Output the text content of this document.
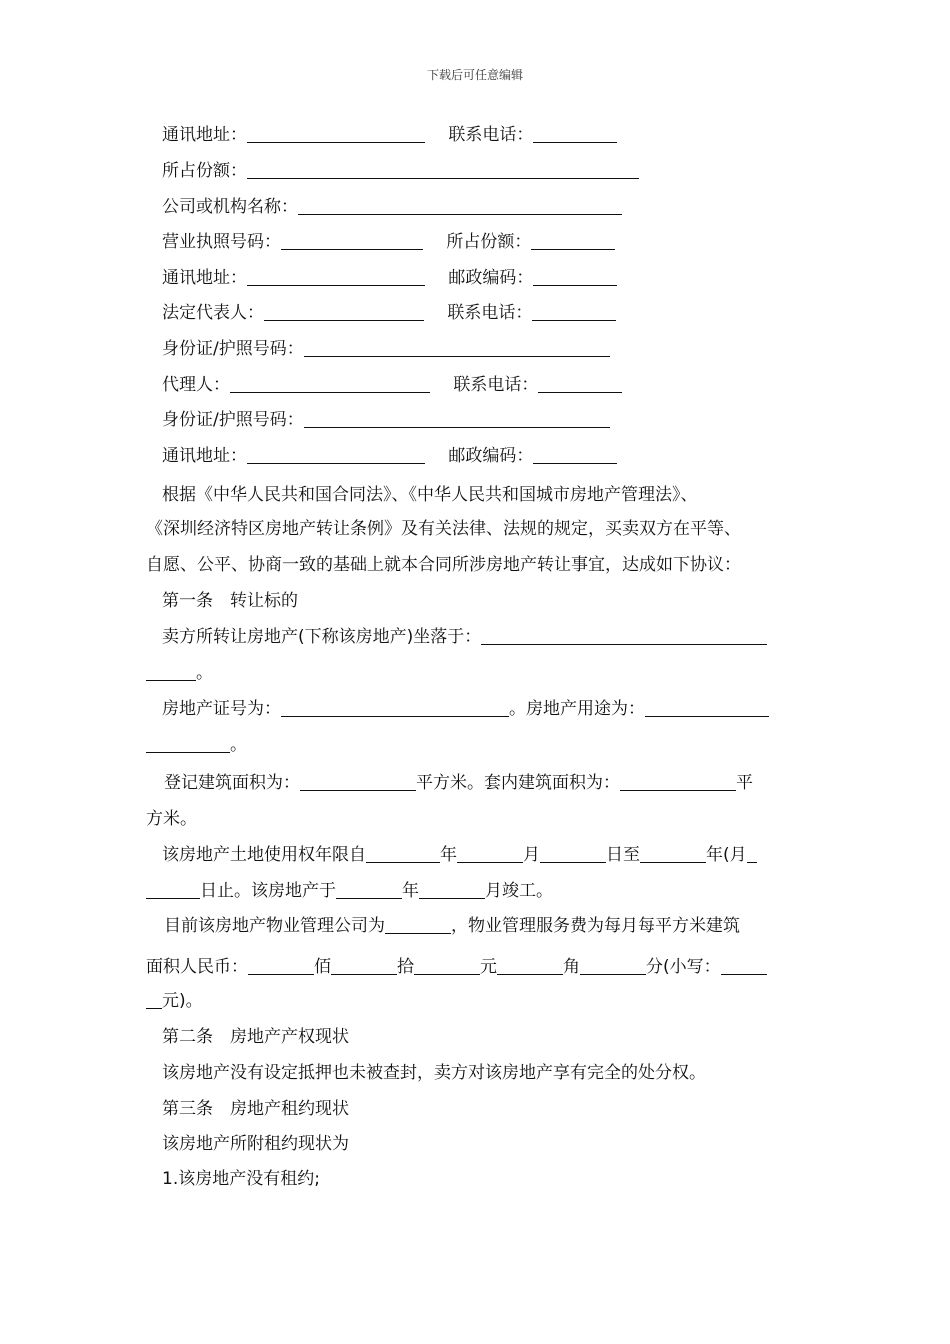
下载后可任意编辑
通讯地址：	联系电话：
所占份额：
公司或机构名称：
营业执照号码：	所占份额：
通讯地址：	邮政编码：
法定代表人：	联系电话：
身份证/护照号码：
代理人：	联系电话：
身份证/护照号码：
通讯地址：	邮政编码：
根据《中华人民共和国合同法》、《中华人民共和国城市房地产管理法》、
《深圳经济特区房地产转让条例》及有关法律、法规的规定，买卖双方在平等、
自愿、公平、协商一致的基础上就本合同所涉房地产转让事宜，达成如下协议：
第一条　转让标的
卖方所转让房地产(下称该房地产)坐落于：
。
房地产证号为：	。房地产用途为：
。
登记建筑面积为：	平方米。套内建筑面积为：	平
方米。
该房地产土地使用权年限自	年	月	日至	年(月
日止。该房地产于	年	月竣工。
目前该房地产物业管理公司为	，物业管理服务费为每月每平方米建筑
面积人民币：	佰	拾	元	角	分(小写：
元)。
第二条　房地产产权现状
该房地产没有设定抵押也未被查封，卖方对该房地产享有完全的处分权。
第三条　房地产租约现状
该房地产所附租约现状为
1.该房地产没有租约;
